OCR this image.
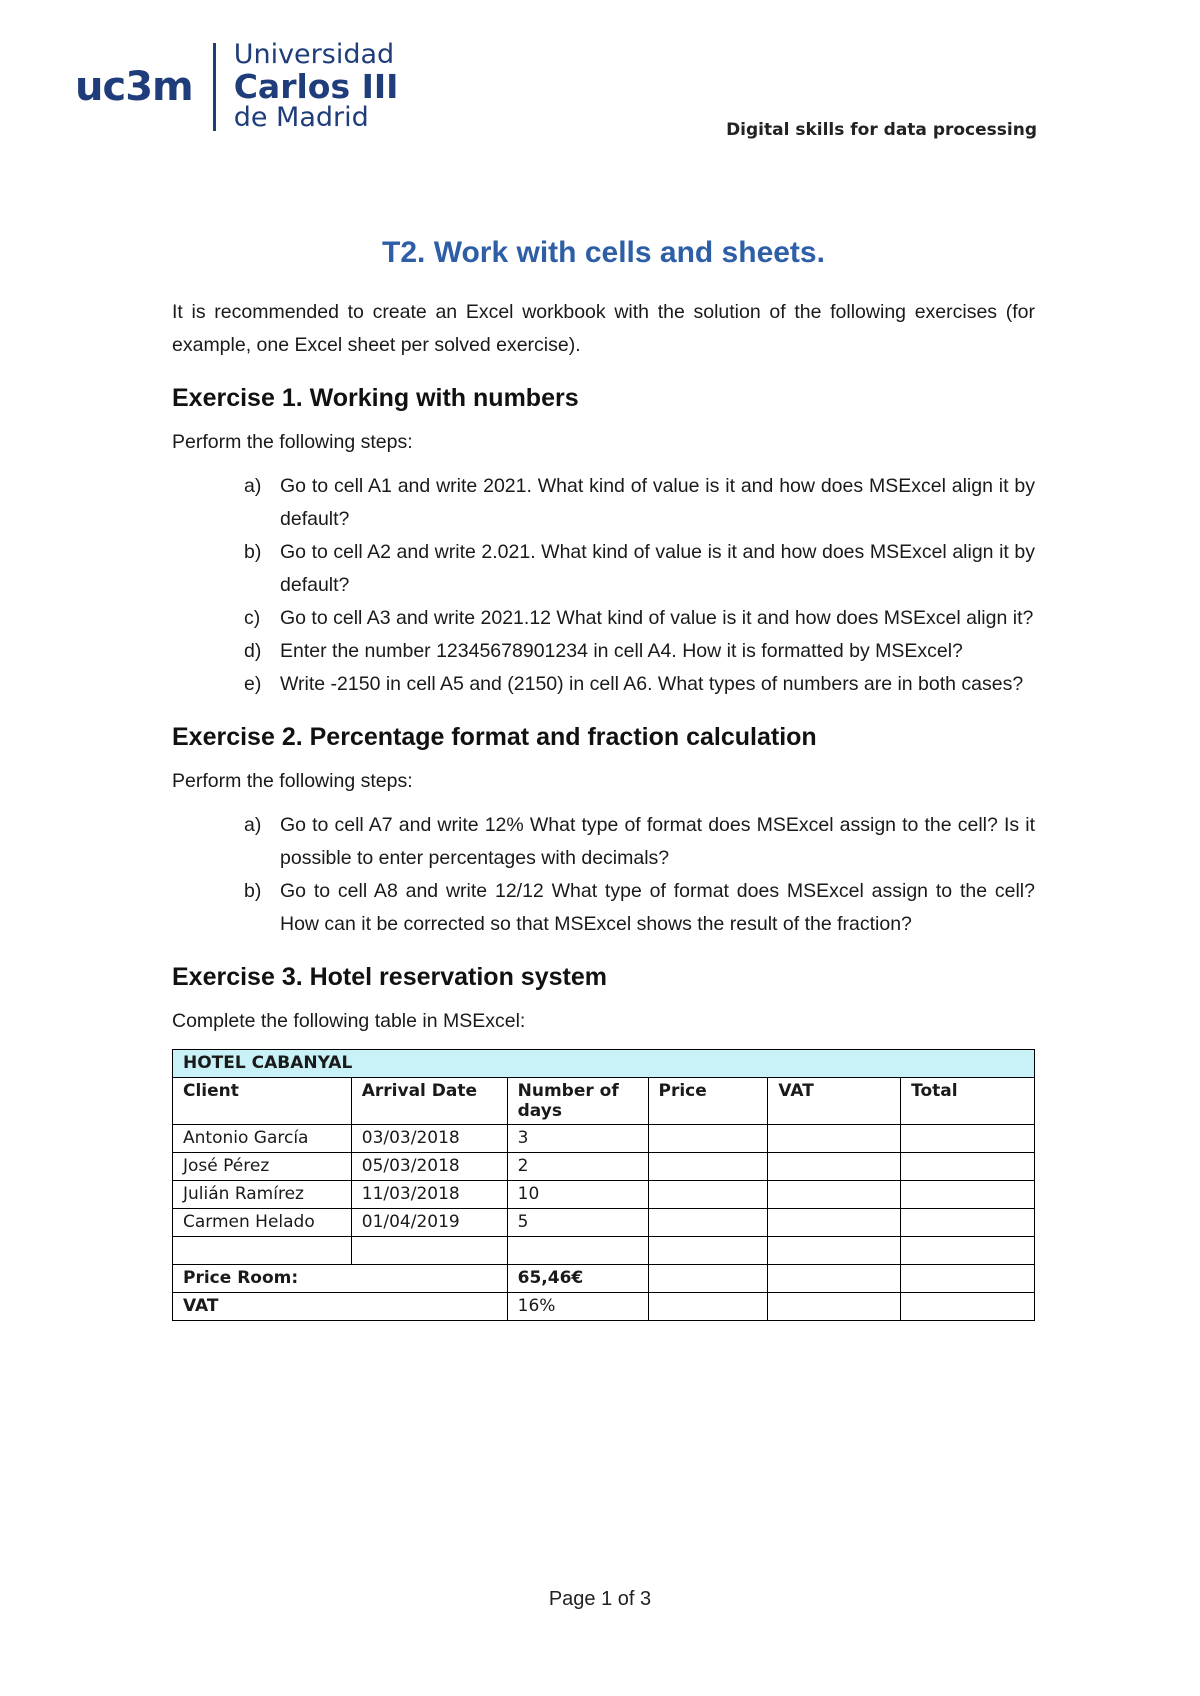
uc3m
Universidad
Carlos III
de Madrid	Digital skills for data processing
T2. Work with cells and sheets.

It is recommended to create an Excel workbook with the solution of the following exercises (for example, one Excel sheet per solved exercise).

Exercise 1. Working with numbers

Perform the following steps:

a) Go to cell A1 and write 2021. What kind of value is it and how does MSExcel align it by default?
b) Go to cell A2 and write 2.021. What kind of value is it and how does MSExcel align it by default?
c) Go to cell A3 and write 2021.12 What kind of value is it and how does MSExcel align it?
d) Enter the number 12345678901234 in cell A4. How it is formatted by MSExcel?
e) Write -2150 in cell A5 and (2150) in cell A6. What types of numbers are in both cases?
Exercise 2. Percentage format and fraction calculation

Perform the following steps:

a) Go to cell A7 and write 12% What type of format does MSExcel assign to the cell? Is it possible to enter percentages with decimals?
b) Go to cell A8 and write 12/12 What type of format does MSExcel assign to the cell? How can it be corrected so that MSExcel shows the result of the fraction?
Exercise 3. Hotel reservation system

Complete the following table in MSExcel:

HOTEL CABANYAL					
Client	Arrival Date	Number of days	Price	VAT	Total
Antonio García	03/03/2018	3			
José Pérez	05/03/2018	2			
Julián Ramírez	11/03/2018	10			
Carmen Helado	01/04/2019	5			

Price Room:		65,46€			
VAT		16%			
Page 1 of 3
